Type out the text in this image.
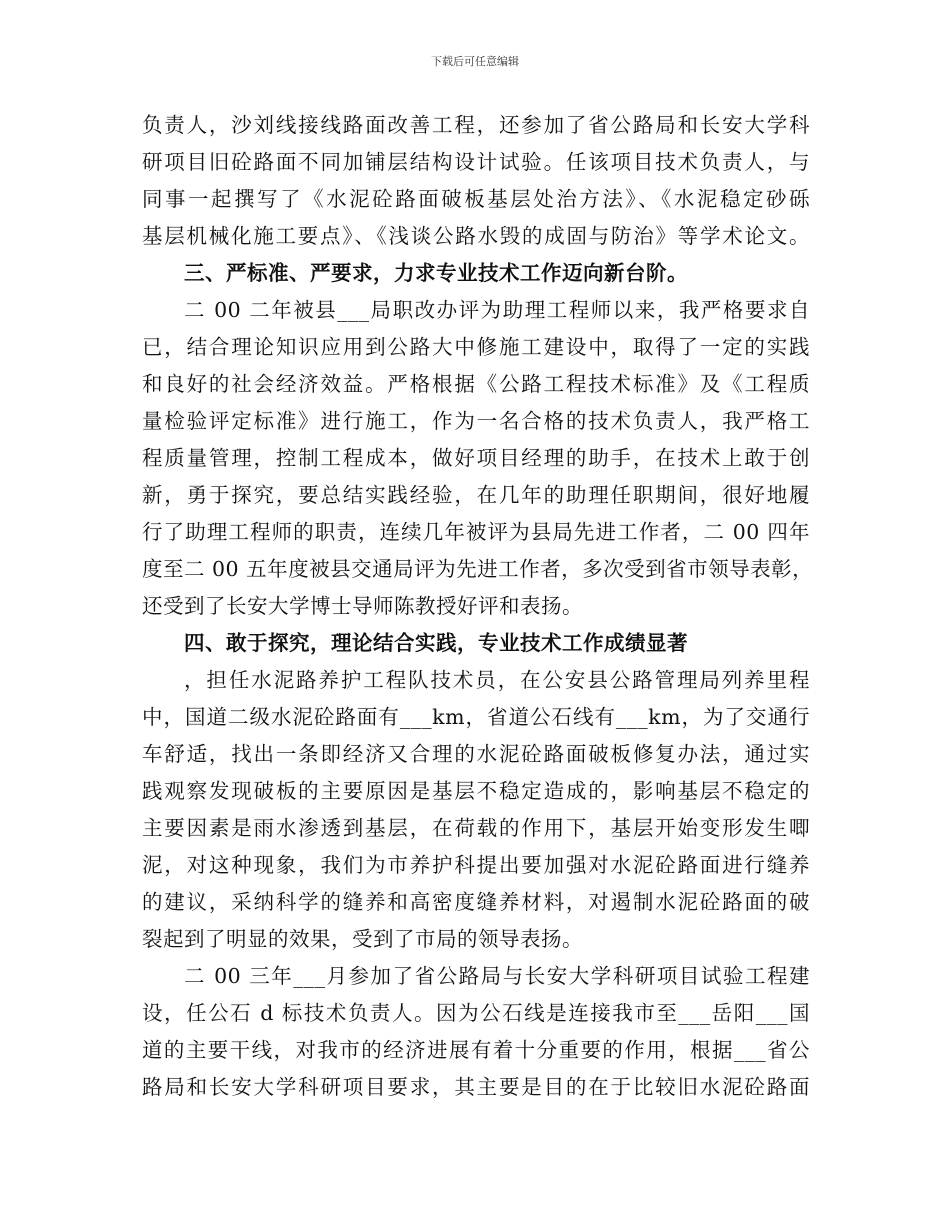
下载后可任意编辑

负责人，沙刘线接线路面改善工程，还参加了省公路局和长安大学科
研项目旧砼路面不同加铺层结构设计试验。任该项目技术负责人，与
同事一起撰写了《水泥砼路面破板基层处治方法》、《水泥稳定砂砾
基层机械化施工要点》、《浅谈公路水毁的成固与防治》等学术论文。

三、严标准、严要求，力求专业技术工作迈向新台阶。

二 00 二年被县___局职改办评为助理工程师以来，我严格要求自
已，结合理论知识应用到公路大中修施工建设中，取得了一定的实践
和良好的社会经济效益。严格根据《公路工程技术标准》及《工程质
量检验评定标准》进行施工，作为一名合格的技术负责人，我严格工
程质量管理，控制工程成本，做好项目经理的助手，在技术上敢于创
新，勇于探究，要总结实践经验，在几年的助理任职期间，很好地履
行了助理工程师的职责，连续几年被评为县局先进工作者，二 00 四年
度至二 00 五年度被县交通局评为先进工作者，多次受到省市领导表彰，
还受到了长安大学博士导师陈教授好评和表扬。

四、敢于探究，理论结合实践，专业技术工作成绩显著

，担任水泥路养护工程队技术员，在公安县公路管理局列养里程
中，国道二级水泥砼路面有___km，省道公石线有___km，为了交通行
车舒适，找出一条即经济又合理的水泥砼路面破板修复办法，通过实
践观察发现破板的主要原因是基层不稳定造成的，影响基层不稳定的
主要因素是雨水渗透到基层，在荷载的作用下，基层开始变形发生唧
泥，对这种现象，我们为市养护科提出要加强对水泥砼路面进行缝养
的建议，采纳科学的缝养和高密度缝养材料，对遏制水泥砼路面的破
裂起到了明显的效果，受到了市局的领导表扬。

二 00 三年___月参加了省公路局与长安大学科研项目试验工程建
设，任公石 d 标技术负责人。因为公石线是连接我市至___岳阳___国
道的主要干线，对我市的经济进展有着十分重要的作用，根据___省公
路局和长安大学科研项目要求，其主要是目的在于比较旧水泥砼路面
